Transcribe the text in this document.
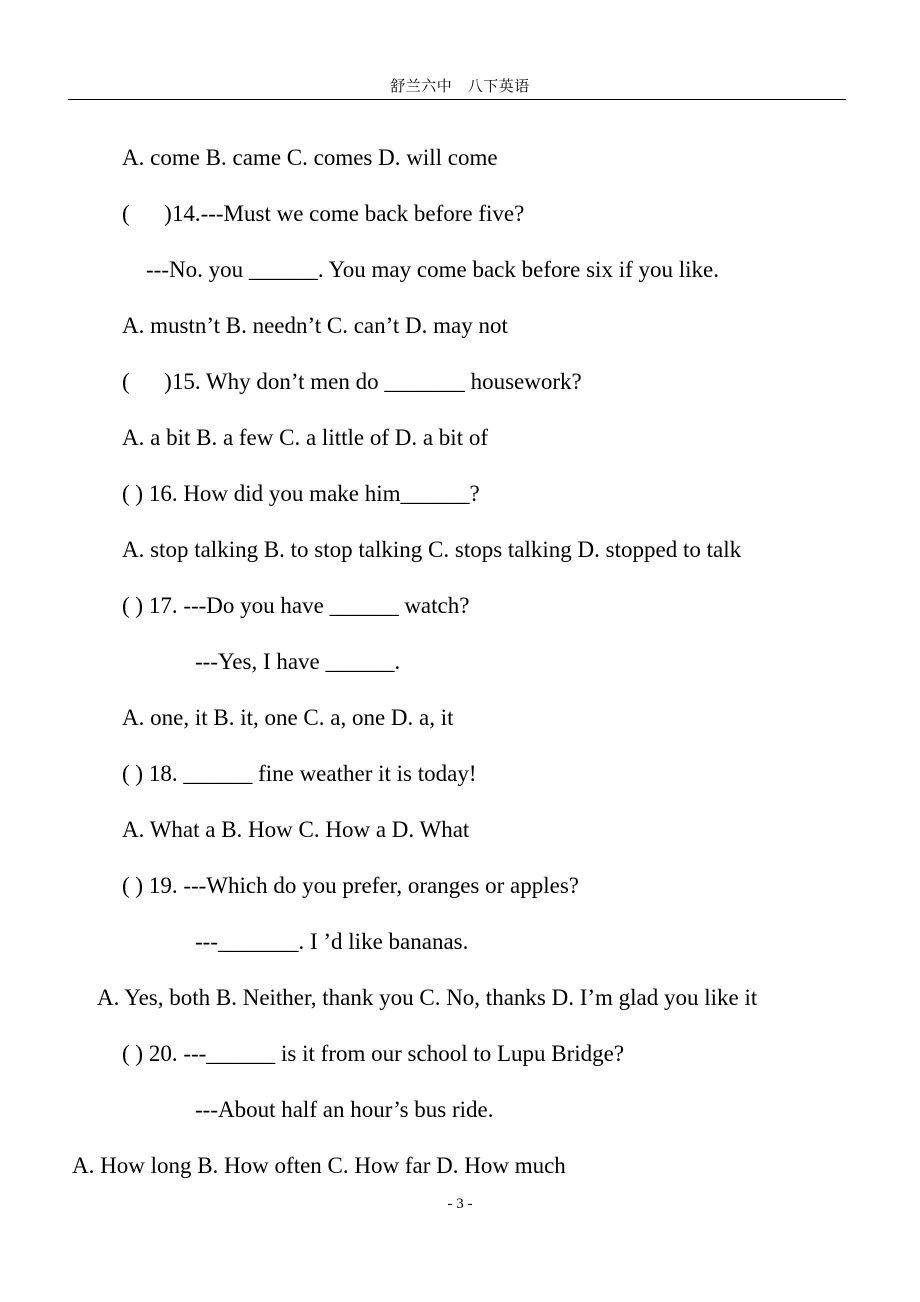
舒兰六中　八下英语
A. come B. came C. comes D. will come
(      )14.---Must we come back before five?
---No. you ______. You may come back before six if you like.
A. mustn’t B. needn’t C. can’t D. may not
(      )15. Why don’t men do _______ housework?
A. a bit B. a few C. a little of D. a bit of
( ) 16. How did you make him______?
A. stop talking B. to stop talking C. stops talking D. stopped to talk
( ) 17. ---Do you have ______ watch?
---Yes, I have ______.
A. one, it B. it, one C. a, one D. a, it
( ) 18. ______ fine weather it is today!
A. What a B. How C. How a D. What
( ) 19. ---Which do you prefer, oranges or apples?
---_______. I ’d like bananas.
A. Yes, both B. Neither, thank you C. No, thanks D. I’m glad you like it
( ) 20. ---______ is it from our school to Lupu Bridge?
---About half an hour’s bus ride.
A. How long B. How often C. How far D. How much
- 3 -
